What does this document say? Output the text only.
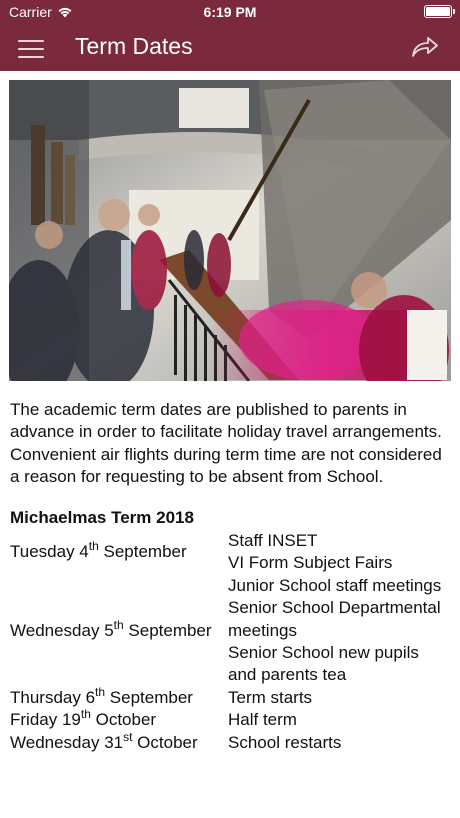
Carrier	6:19 PM
Term Dates

The academic term dates are published to parents in advance in order to facilitate holiday travel arrangements. Convenient air flights during term time are not considered a reason for requesting to be absent from School.

Michaelmas Term 2018
Tuesday 4th September	Staff INSET
	VI Form Subject Fairs
Wednesday 5th September	Junior School staff meetings
	Senior School Departmental meetings
	Senior School new pupils and parents tea
Thursday 6th September	Term starts
Friday 19th October	Half term
Wednesday 31st October	School restarts
